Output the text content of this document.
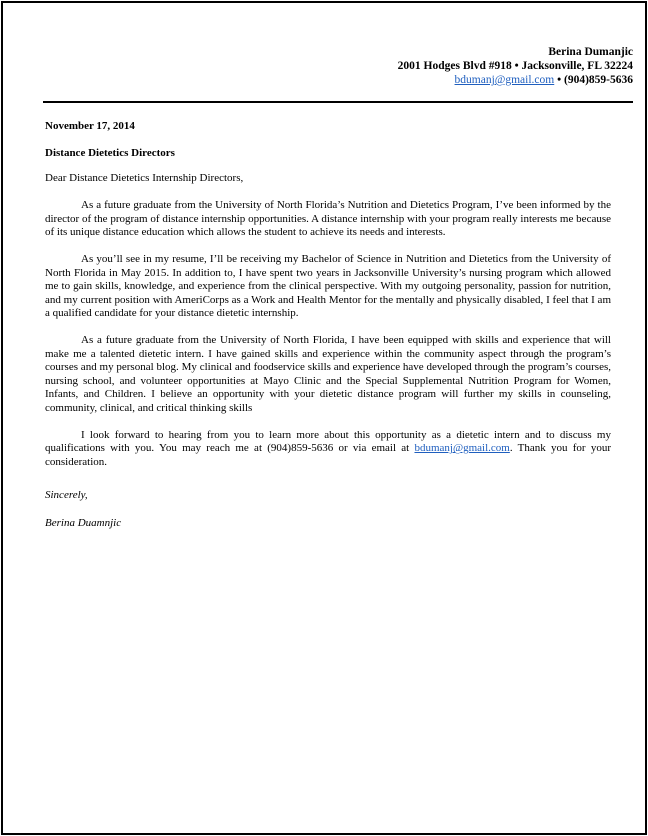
Berina Dumanjic
2001 Hodges Blvd #918 • Jacksonville, FL 32224
bdumanj@gmail.com • (904)859-5636

November 17, 2014

Distance Dietetics Directors

Dear Distance Dietetics Internship Directors,

As a future graduate from the University of North Florida’s Nutrition and Dietetics Program, I’ve been informed by the director of the program of distance internship opportunities. A distance internship with your program really interests me because of its unique distance education which allows the student to achieve its needs and interests.

As you’ll see in my resume, I’ll be receiving my Bachelor of Science in Nutrition and Dietetics from the University of North Florida in May 2015. In addition to, I have spent two years in Jacksonville University’s nursing program which allowed me to gain skills, knowledge, and experience from the clinical perspective. With my outgoing personality, passion for nutrition, and my current position with AmeriCorps as a Work and Health Mentor for the mentally and physically disabled, I feel that I am a qualified candidate for your distance dietetic internship.

As a future graduate from the University of North Florida, I have been equipped with skills and experience that will make me a talented dietetic intern. I have gained skills and experience within the community aspect through the program’s courses and my personal blog. My clinical and foodservice skills and experience have developed through the program’s courses, nursing school, and volunteer opportunities at Mayo Clinic and the Special Supplemental Nutrition Program for Women, Infants, and Children. I believe an opportunity with your dietetic distance program will further my skills in counseling, community, clinical, and critical thinking skills

I look forward to hearing from you to learn more about this opportunity as a dietetic intern and to discuss my qualifications with you. You may reach me at (904)859-5636 or via email at bdumanj@gmail.com. Thank you for your consideration.

Sincerely,

Berina Duamnjic
